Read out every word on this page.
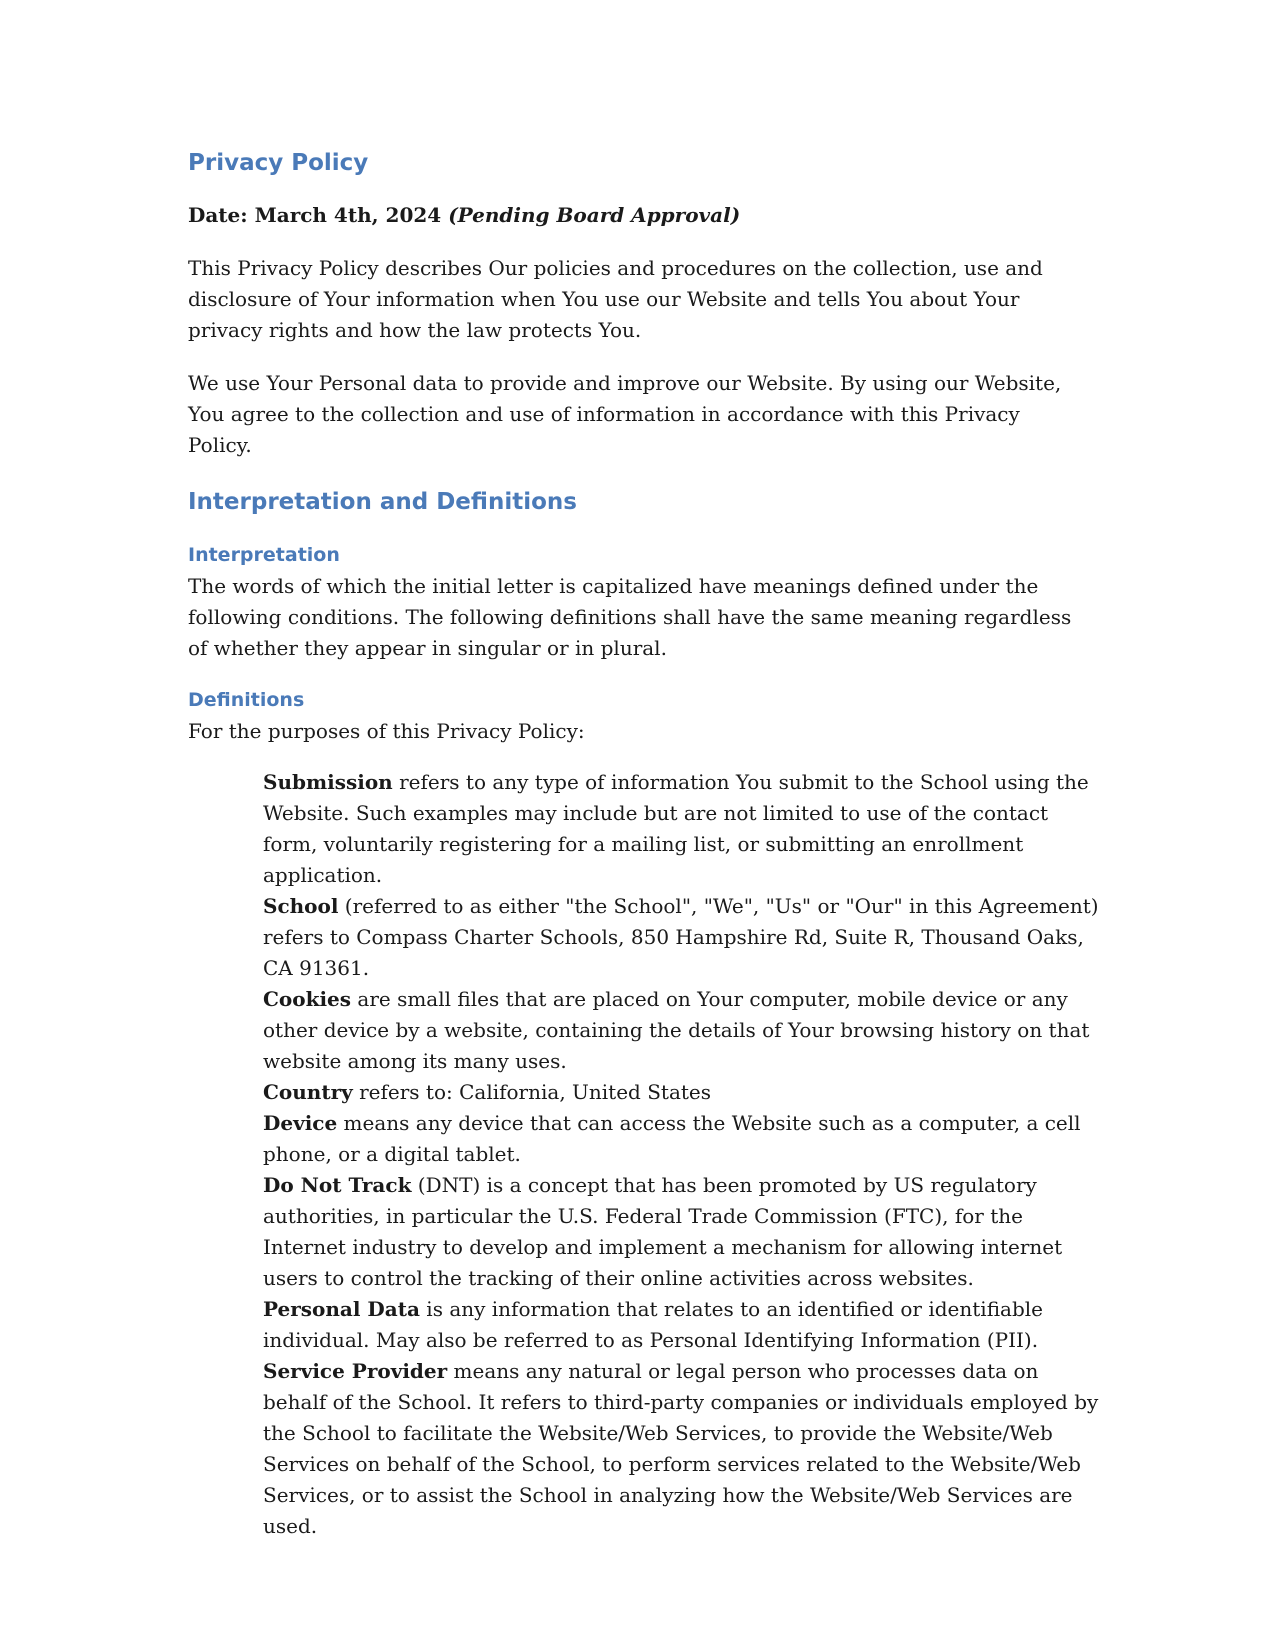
Privacy Policy

Date: March 4th, 2024 (Pending Board Approval)

This Privacy Policy describes Our policies and procedures on the collection, use and disclosure of Your information when You use our Website and tells You about Your privacy rights and how the law protects You.

We use Your Personal data to provide and improve our Website. By using our Website, You agree to the collection and use of information in accordance with this Privacy Policy.

Interpretation and Definitions
Interpretation

The words of which the initial letter is capitalized have meanings defined under the following conditions. The following definitions shall have the same meaning regardless of whether they appear in singular or in plural.

Definitions

For the purposes of this Privacy Policy:

Submission refers to any type of information You submit to the School using the Website. Such examples may include but are not limited to use of the contact form, voluntarily registering for a mailing list, or submitting an enrollment application.

School (referred to as either "the School", "We", "Us" or "Our" in this Agreement) refers to Compass Charter Schools, 850 Hampshire Rd, Suite R, Thousand Oaks, CA 91361.

Cookies are small files that are placed on Your computer, mobile device or any other device by a website, containing the details of Your browsing history on that website among its many uses.

Country refers to: California, United States

Device means any device that can access the Website such as a computer, a cell phone, or a digital tablet.

Do Not Track (DNT) is a concept that has been promoted by US regulatory authorities, in particular the U.S. Federal Trade Commission (FTC), for the Internet industry to develop and implement a mechanism for allowing internet users to control the tracking of their online activities across websites.

Personal Data is any information that relates to an identified or identifiable individual. May also be referred to as Personal Identifying Information (PII).

Service Provider means any natural or legal person who processes data on behalf of the School. It refers to third-party companies or individuals employed by the School to facilitate the Website/Web Services, to provide the Website/Web Services on behalf of the School, to perform services related to the Website/Web Services, or to assist the School in analyzing how the Website/Web Services are used.
